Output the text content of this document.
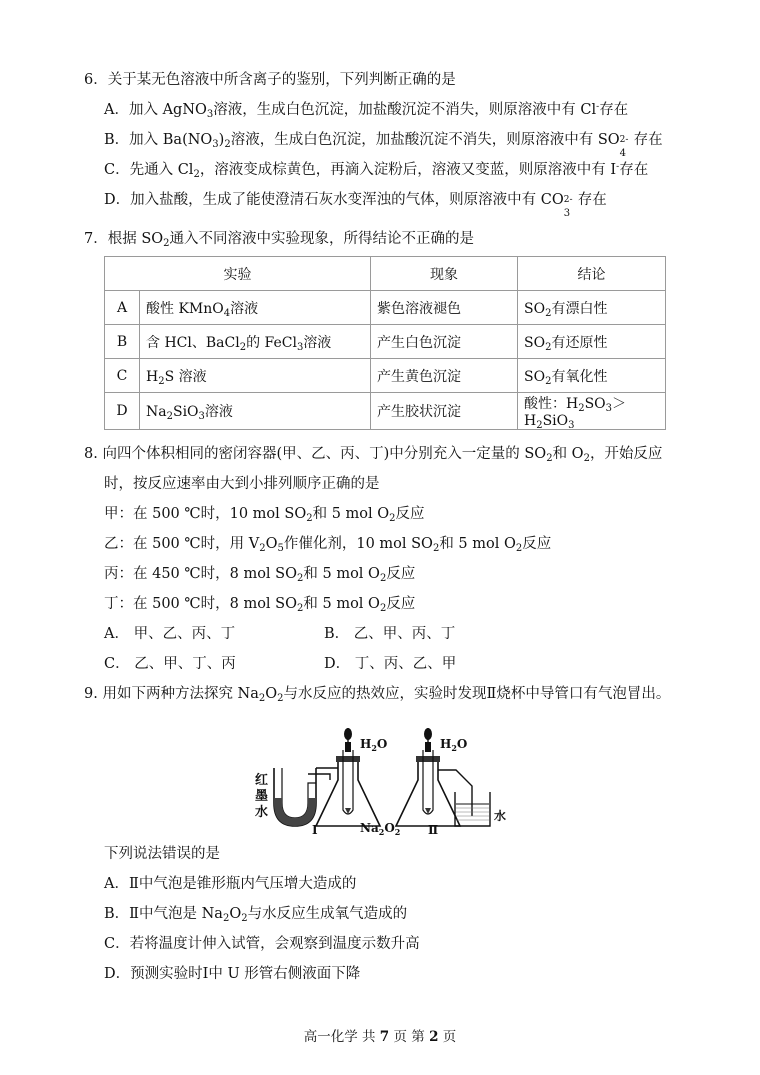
6．关于某无色溶液中所含离子的鉴别，下列判断正确的是
A．加入 AgNO$_3$溶液，生成白色沉淀，加盐酸沉淀不消失，则原溶液中有 Cl-存在
B．加入 $Ba(NO_3)_2$溶液，生成白色沉淀，加盐酸沉淀不消失，则原溶液中有 SO 2-
4
存在
C．先通入 $Cl_2$，溶液变成棕黄色，再滴入淀粉后，溶液又变蓝，则原溶液中有 I-存在
D．加入盐酸，生成了能使澄清石灰水变浑浊的气体，则原溶液中有 CO 2-
3
存在
7．根据 $SO_2$通入不同溶液中实验现象，所得结论不正确的是
实验		现象	结论
A	酸性 KMnO$_4$溶液	紫色溶液褪色	$SO_2$有漂白性
B	含 HCl、BaCl$_2$的 FeCl$_3$溶液	产生白色沉淀	$SO_2$有还原性
C	$H_2S$ 溶液	产生黄色沉淀	$SO_2$有氧化性
D	$Na_2SiO_3$溶液	产生胶状沉淀	酸性：$H_2SO_3>H_2SiO_3$
8. 向四个体积相同的密闭容器(甲、乙、丙、丁)中分别充入一定量的 $SO_2$和 $O_2$，开始反应
时，按反应速率由大到小排列顺序正确的是
甲：在 500 ℃时，10 mol $SO_2$和 5 mol $O_2$反应
乙：在 500 ℃时，用 $V_2O_5$作催化剂，10 mol $SO_2$和 5 mol $O_2$反应
丙：在 450 ℃时，8 mol $SO_2$和 5 mol $O_2$反应
丁：在 500 ℃时，8 mol $SO_2$和 5 mol $O_2$反应
A． 甲、乙、丙、丁	B． 乙、甲、丙、丁
C． 乙、甲、丁、丙	D． 丁、丙、乙、甲
9. 用如下两种方法探究 $Na_2O_2$与水反应的热效应，实验时发现Ⅱ烧杯中导管口有气泡冒出。
$H_2O$	$H_2O$
红
墨
水
Ⅰ	Ⅱ
$Na_2O_2$
水
下列说法错误的是
A．Ⅱ中气泡是锥形瓶内气压增大造成的
B．Ⅱ中气泡是 $Na_2O_2$与水反应生成氧气造成的
C．若将温度计伸入试管，会观察到温度示数升高
D．预测实验时Ⅰ中 U 形管右侧液面下降
高一化学 共 7 页 第 2 页
